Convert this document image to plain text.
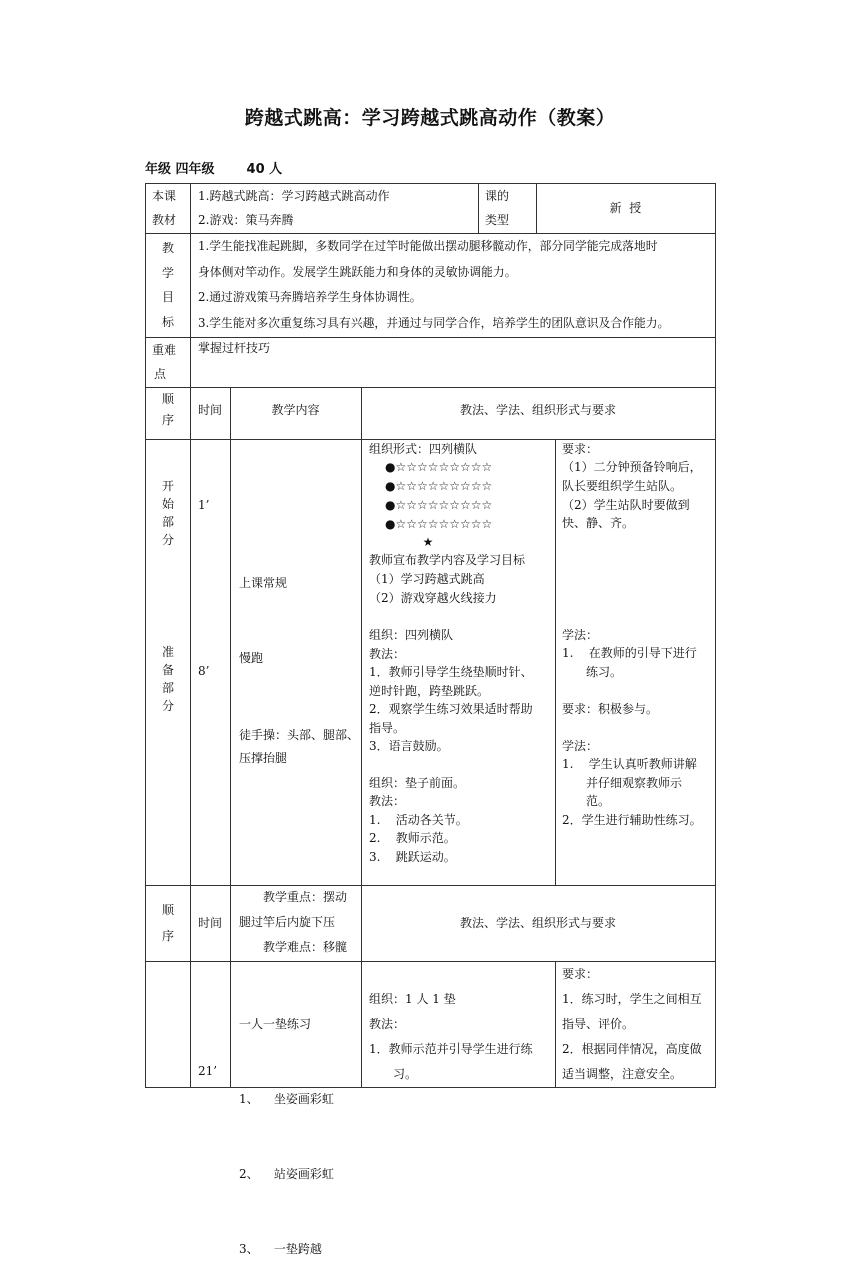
跨越式跳高：学习跨越式跳高动作（教案）
年级 四年级 40 人
本课
教材
1.跨越式跳高：学习跨越式跳高动作
2.游戏：策马奔腾
课的
类型
新  授
教
学
目
标
1.学生能找准起跳脚，多数同学在过竿时能做出摆动腿移髋动作，部分同学能完成落地时
身体侧对竿动作。发展学生跳跃能力和身体的灵敏协调能力。
2.通过游戏策马奔腾培养学生身体协调性。
3.学生能对多次重复练习具有兴趣，并通过与同学合作，培养学生的团队意识及合作能力。
重难
点
掌握过杆技巧
顺
序
时间	教学内容	教法、学法、组织形式与要求
开
始
部
分
1’
准
备
部
分
8’
上课常规
慢跑
徒手操：头部、腿部、
压撑抬腿
组织形式：四列横队
●☆☆☆☆☆☆☆☆☆
●☆☆☆☆☆☆☆☆☆
●☆☆☆☆☆☆☆☆☆
●☆☆☆☆☆☆☆☆☆
★
教师宣布教学内容及学习目标
（1）学习跨越式跳高
（2）游戏穿越火线接力
组织：四列横队
教法：
1．教师引导学生绕垫顺时针、
逆时针跑，跨垫跳跃。
2．观察学生练习效果适时帮助
指导。
3．语言鼓励。
组织：垫子前面。
教法：
1.    活动各关节。
2.    教师示范。
3.    跳跃运动。
要求：
（1）二分钟预备铃响后，
队长要组织学生站队。
（2）学生站队时要做到
快、静、齐。
学法：
1.    在教师的引导下进行
练习。
要求：积极参与。
学法：
1.    学生认真听教师讲解
并仔细观察教师示
范。
2．学生进行辅助性练习。
顺
序
时间
教学重点：摆动
腿过竿后内旋下压
教学难点：移髋
教法、学法、组织形式与要求
21’

一人一垫练习

1、    坐姿画彩虹

2、    站姿画彩虹

3、    一垫跨越

组织：1 人 1 垫
教法：
1．教师示范并引导学生进行练
习。
要求：
1．练习时，学生之间相互
指导、评价。
2．根据同伴情况，高度做
适当调整，注意安全。
